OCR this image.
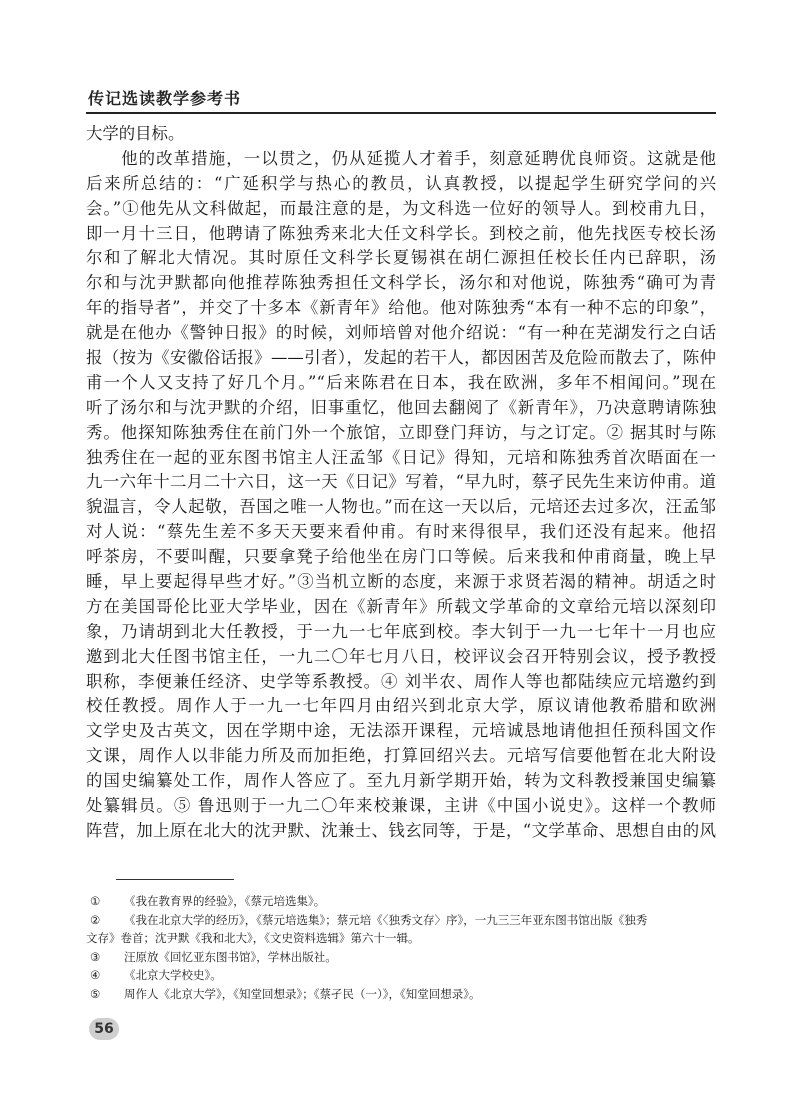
传记选读教学参考书
大学的目标。
　　他的改革措施，一以贯之，仍从延揽人才着手，刻意延聘优良师资。这就是他
后来所总结的：“广延积学与热心的教员，认真教授，以提起学生研究学问的兴
会。”①他先从文科做起，而最注意的是，为文科选一位好的领导人。到校甫九日，
即一月十三日，他聘请了陈独秀来北大任文科学长。到校之前，他先找医专校长汤
尔和了解北大情况。其时原任文科学长夏锡祺在胡仁源担任校长任内已辞职，汤
尔和与沈尹默都向他推荐陈独秀担任文科学长，汤尔和对他说，陈独秀“确可为青
年的指导者”，并交了十多本《新青年》给他。他对陈独秀“本有一种不忘的印象”，
就是在他办《警钟日报》的时候，刘师培曾对他介绍说：“有一种在芜湖发行之白话
报（按为《安徽俗话报》——引者），发起的若干人，都因困苦及危险而散去了，陈仲
甫一个人又支持了好几个月。”“后来陈君在日本，我在欧洲，多年不相闻问。”现在
听了汤尔和与沈尹默的介绍，旧事重忆，他回去翻阅了《新青年》，乃决意聘请陈独
秀。他探知陈独秀住在前门外一个旅馆，立即登门拜访，与之订定。② 据其时与陈
独秀住在一起的亚东图书馆主人汪孟邹《日记》得知，元培和陈独秀首次晤面在一
九一六年十二月二十六日，这一天《日记》写着，“早九时，蔡孑民先生来访仲甫。道
貌温言，令人起敬，吾国之唯一人物也。”而在这一天以后，元培还去过多次，汪孟邹
对人说：“蔡先生差不多天天要来看仲甫。有时来得很早，我们还没有起来。他招
呼茶房，不要叫醒，只要拿凳子给他坐在房门口等候。后来我和仲甫商量，晚上早
睡，早上要起得早些才好。”③当机立断的态度，来源于求贤若渴的精神。胡适之时
方在美国哥伦比亚大学毕业，因在《新青年》所载文学革命的文章给元培以深刻印
象，乃请胡到北大任教授，于一九一七年底到校。李大钊于一九一七年十一月也应
邀到北大任图书馆主任，一九二〇年七月八日，校评议会召开特别会议，授予教授
职称，李便兼任经济、史学等系教授。④ 刘半农、周作人等也都陆续应元培邀约到
校任教授。周作人于一九一七年四月由绍兴到北京大学，原议请他教希腊和欧洲
文学史及古英文，因在学期中途，无法添开课程，元培诚恳地请他担任预科国文作
文课，周作人以非能力所及而加拒绝，打算回绍兴去。元培写信要他暂在北大附设
的国史编纂处工作，周作人答应了。至九月新学期开始，转为文科教授兼国史编纂
处纂辑员。⑤ 鲁迅则于一九二〇年来校兼课，主讲《中国小说史》。这样一个教师
阵营，加上原在北大的沈尹默、沈兼士、钱玄同等，于是，“文学革命、思想自由的风
① 《我在教育界的经验》，《蔡元培选集》。
② 《我在北京大学的经历》，《蔡元培选集》；蔡元培《〈独秀文存〉序》，一九三三年亚东图书馆出版《独秀
文存》卷首；沈尹默《我和北大》，《文史资料选辑》第六十一辑。
③ 汪原放《回忆亚东图书馆》，学林出版社。
④ 《北京大学校史》。
⑤ 周作人《北京大学》，《知堂回想录》；《蔡孑民（一）》，《知堂回想录》。
56
